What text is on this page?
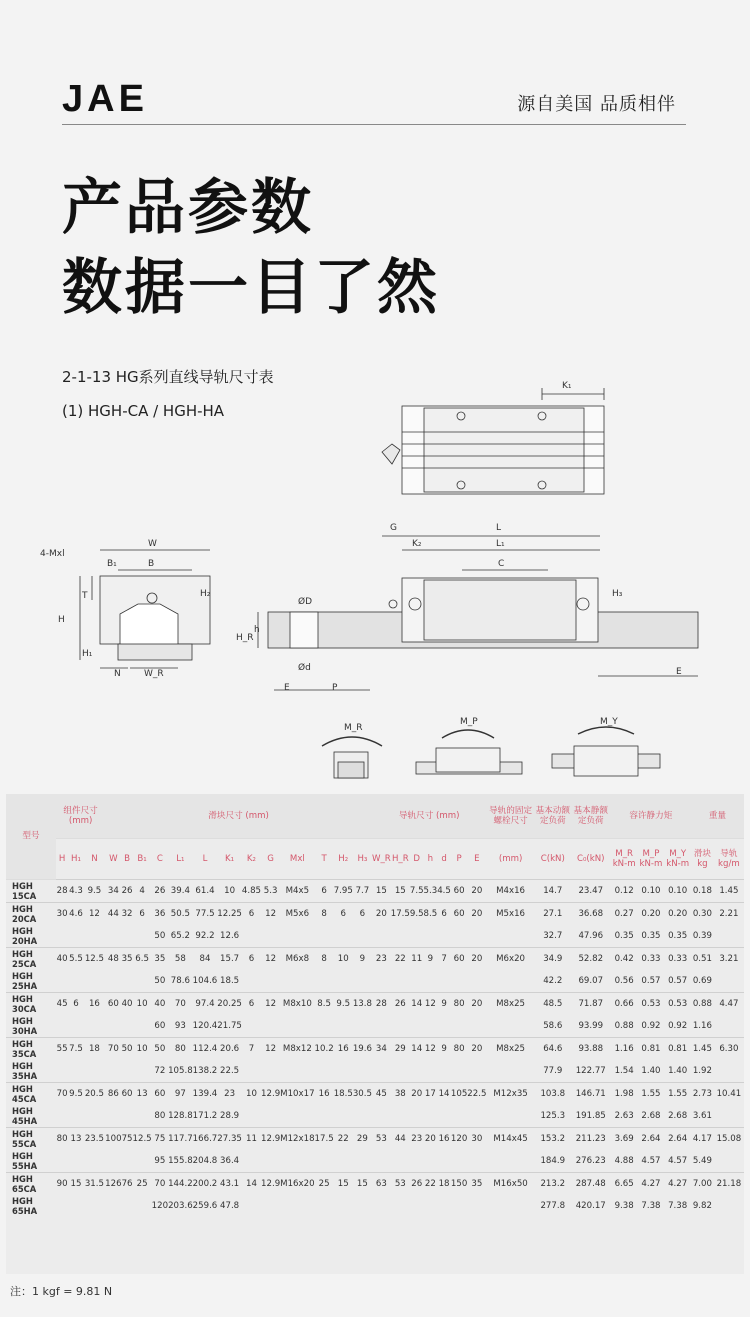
JAE	源自美国 品质相伴
产品参数
数据一目了然
2-1-13 HG系列直线导轨尺寸表
(1) HGH-CA / HGH-HA
K₁
W
B₁	B
4-Mxl
T	H₂
H
H₁
N	W_R
G
K₂
L
L₁
C
H₃
ØD
h
H_R
Ød
E	P
E
M_R
M_P	M_Y
型号	组件尺寸 (mm)			滑块尺寸 (mm)													导轨尺寸 (mm)							导轨的固定螺栓尺寸	基本动额定负荷	基本静额定负荷	容许静力矩			重量	
	H	H₁	N	W	B	B₁	C	L₁	L	K₁	K₂	G	Mxl	T	H₂	H₃	W_R	H_R	D	h	d	P	E	(mm)	C(kN)	C₀(kN)	M_R kN-m	M_P kN-m	M_Y kN-m	滑块 kg	导轨 kg/m
HGH 15CA	28	4.3	9.5	34	26	4	26	39.4	61.4	10	4.85	5.3	M4x5	6	7.95	7.7	15	15	7.5	5.3	4.5	60	20	M4x16	14.7	23.47	0.12	0.10	0.10	0.18	1.45
HGH 20CA	30	4.6	12	44	32	6	36	50.5	77.5	12.25	6	12	M5x6	8	6	6	20	17.5	9.5	8.5	6	60	20	M5x16	27.1	36.68	0.27	0.20	0.20	0.30	2.21
HGH 20HA							50	65.2	92.2	12.6															32.7	47.96	0.35	0.35	0.35	0.39	
HGH 25CA	40	5.5	12.5	48	35	6.5	35	58	84	15.7	6	12	M6x8	8	10	9	23	22	11	9	7	60	20	M6x20	34.9	52.82	0.42	0.33	0.33	0.51	3.21
HGH 25HA							50	78.6	104.6	18.5															42.2	69.07	0.56	0.57	0.57	0.69	
HGH 30CA	45	6	16	60	40	10	40	70	97.4	20.25	6	12	M8x10	8.5	9.5	13.8	28	26	14	12	9	80	20	M8x25	48.5	71.87	0.66	0.53	0.53	0.88	4.47
HGH 30HA							60	93	120.4	21.75															58.6	93.99	0.88	0.92	0.92	1.16	
HGH 35CA	55	7.5	18	70	50	10	50	80	112.4	20.6	7	12	M8x12	10.2	16	19.6	34	29	14	12	9	80	20	M8x25	64.6	93.88	1.16	0.81	0.81	1.45	6.30
HGH 35HA							72	105.8	138.2	22.5															77.9	122.77	1.54	1.40	1.40	1.92	
HGH 45CA	70	9.5	20.5	86	60	13	60	97	139.4	23	10	12.9	M10x17	16	18.5	30.5	45	38	20	17	14	105	22.5	M12x35	103.8	146.71	1.98	1.55	1.55	2.73	10.41
HGH 45HA							80	128.8	171.2	28.9															125.3	191.85	2.63	2.68	2.68	3.61	
HGH 55CA	80	13	23.5	100	75	12.5	75	117.7	166.7	27.35	11	12.9	M12x18	17.5	22	29	53	44	23	20	16	120	30	M14x45	153.2	211.23	3.69	2.64	2.64	4.17	15.08
HGH 55HA							95	155.8	204.8	36.4															184.9	276.23	4.88	4.57	4.57	5.49	
HGH 65CA	90	15	31.5	126	76	25	70	144.2	200.2	43.1	14	12.9	M16x20	25	15	15	63	53	26	22	18	150	35	M16x50	213.2	287.48	6.65	4.27	4.27	7.00	21.18
HGH 65HA							120	203.6	259.6	47.8															277.8	420.17	9.38	7.38	7.38	9.82	
注：1 kgf = 9.81 N
